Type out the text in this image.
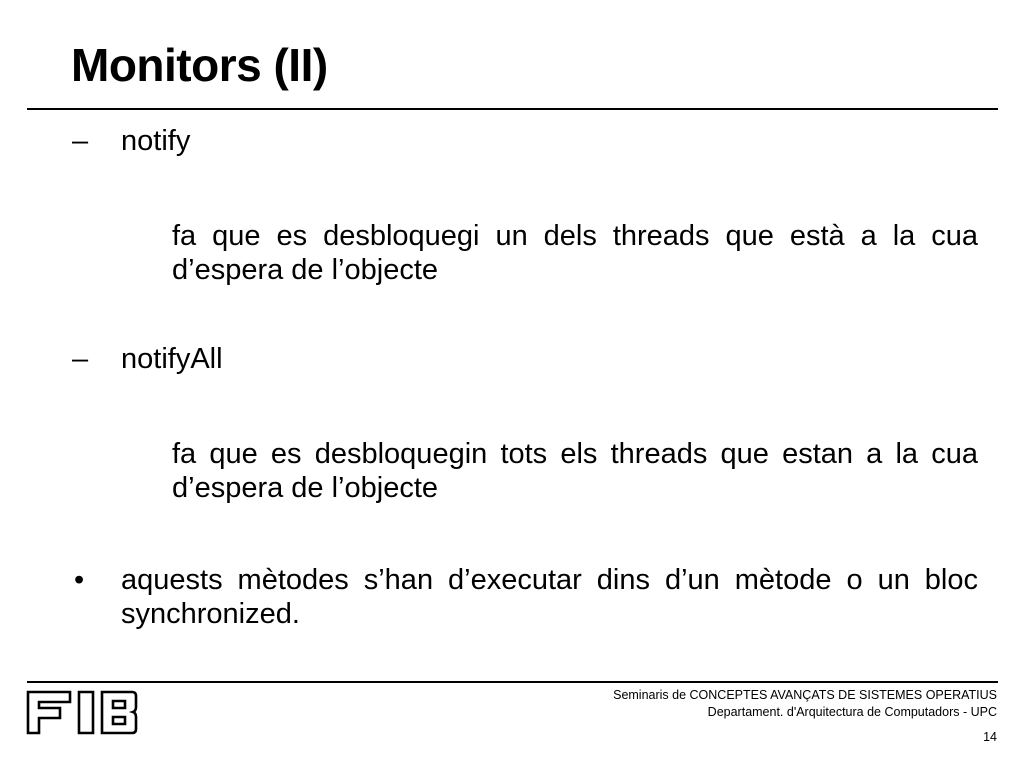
Monitors (II)
– notify
fa que es desbloquegi un dels threads que està a la cua d’espera de l’objecte
– notifyAll
fa que es desbloquegin tots els threads que estan a la cua d’espera de l’objecte
• aquests mètodes s’han d’executar dins d’un mètode o un bloc synchronized.
Seminaris de CONCEPTES AVANÇATS DE SISTEMES OPERATIUS
Departament. d'Arquitectura de Computadors - UPC
14
